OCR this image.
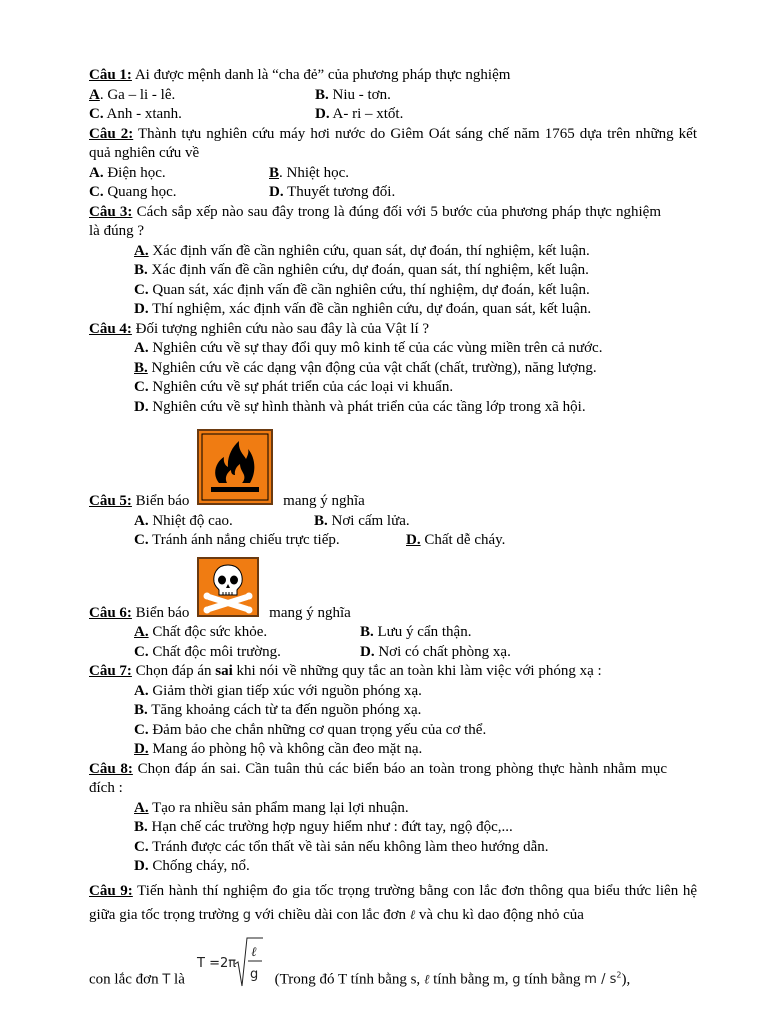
Câu 1: Ai được mệnh danh là “cha đẻ” của phương pháp thực nghiệm
A. Ga – li - lê.	B. Niu - tơn.
C. Anh - xtanh.	D. A- ri – xtốt.
Câu 2: Thành tựu nghiên cứu máy hơi nước do Giêm Oát sáng chế năm 1765 dựa trên những kết quả nghiên cứu về
A. Điện học.	B. Nhiệt học.
C. Quang học.	D. Thuyết tương đối.
Câu 3: Cách sắp xếp nào sau đây trong là đúng đối với 5 bước của phương pháp thực nghiệm là đúng ?
A. Xác định vấn đề cần nghiên cứu, quan sát, dự đoán, thí nghiệm, kết luận.
B. Xác định vấn đề cần nghiên cứu, dự đoán, quan sát, thí nghiệm, kết luận.
C. Quan sát, xác định vấn đề cần nghiên cứu, thí nghiệm, dự đoán, kết luận.
D. Thí nghiệm, xác định vấn đề cần nghiên cứu, dự đoán, quan sát, kết luận.
Câu 4: Đối tượng nghiên cứu nào sau đây là của Vật lí ?
A. Nghiên cứu về sự thay đổi quy mô kinh tế của các vùng miền trên cả nước.
B. Nghiên cứu về các dạng vận động của vật chất (chất, trường), năng lượng.
C. Nghiên cứu về sự phát triển của các loại vi khuẩn.
D. Nghiên cứu về sự hình thành và phát triển của các tầng lớp trong xã hội.
Câu 5: Biển báo	mang ý nghĩa
A. Nhiệt độ cao.	B. Nơi cấm lửa.
C. Tránh ánh nắng chiếu trực tiếp.	D. Chất dễ cháy.
Câu 6: Biển báo	mang ý nghĩa
A. Chất độc sức khỏe.	B. Lưu ý cẩn thận.
C. Chất độc môi trường.	D. Nơi có chất phòng xạ.
Câu 7: Chọn đáp án sai khi nói về những quy tắc an toàn khi làm việc với phóng xạ :
A. Giảm thời gian tiếp xúc với nguồn phóng xạ.
B. Tăng khoảng cách từ ta đến nguồn phóng xạ.
C. Đảm bảo che chắn những cơ quan trọng yếu của cơ thể.
D. Mang áo phòng hộ và không cần đeo mặt nạ.
Câu 8: Chọn đáp án sai. Cần tuân thủ các biển báo an toàn trong phòng thực hành nhằm mục đích :
A. Tạo ra nhiều sản phẩm mang lại lợi nhuận.
B. Hạn chế các trường hợp nguy hiểm như : đứt tay, ngộ độc,...
C. Tránh được các tổn thất về tài sản nếu không làm theo hướng dẫn.
D. Chống cháy, nổ.
Câu 9: Tiến hành thí nghiệm đo gia tốc trọng trường bằng con lắc đơn thông qua biểu thức liên hệ giữa gia tốc trọng trường g với chiều dài con lắc đơn ℓ và chu kì dao động nhỏ của
con lắc đơn T là
T =2π
ℓ
g (Trong đó T tính bằng s, ℓ tính bằng m, g tính bằng m / $s^2$),
